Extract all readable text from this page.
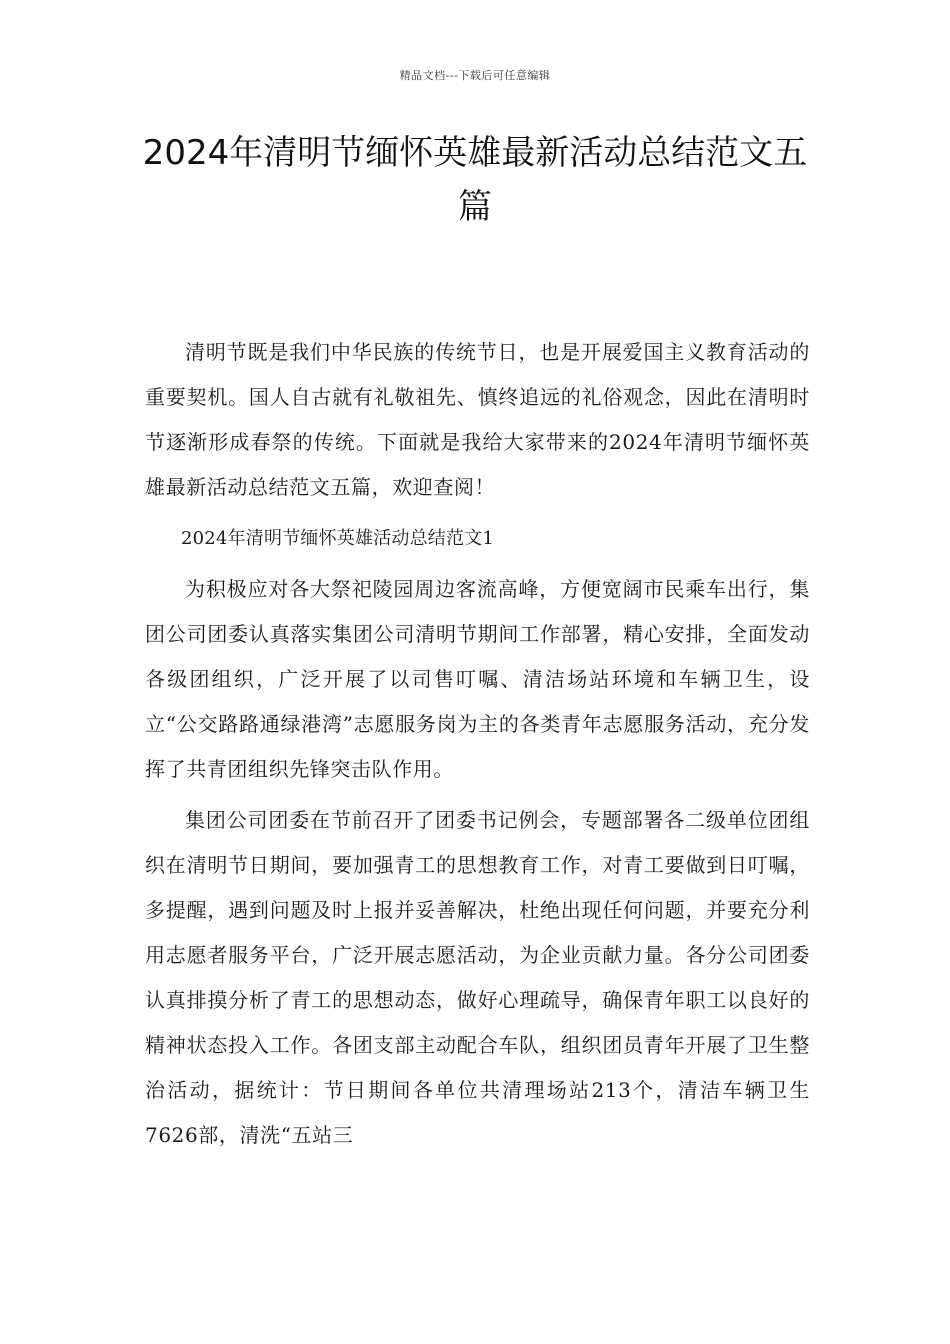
精品文档---下载后可任意编辑
2024年清明节缅怀英雄最新活动总结范文五篇

清明节既是我们中华民族的传统节日，也是开展爱国主义教育活动的重要契机。国人自古就有礼敬祖先、慎终追远的礼俗观念，因此在清明时节逐渐形成春祭的传统。下面就是我给大家带来的2024年清明节缅怀英雄最新活动总结范文五篇，欢迎查阅！

2024年清明节缅怀英雄活动总结范文1

为积极应对各大祭祀陵园周边客流高峰，方便宽阔市民乘车出行，集团公司团委认真落实集团公司清明节期间工作部署，精心安排，全面发动各级团组织，广泛开展了以司售叮嘱、清洁场站环境和车辆卫生，设立“公交路路通绿港湾”志愿服务岗为主的各类青年志愿服务活动，充分发挥了共青团组织先锋突击队作用。

集团公司团委在节前召开了团委书记例会，专题部署各二级单位团组织在清明节日期间，要加强青工的思想教育工作，对青工要做到日叮嘱，多提醒，遇到问题及时上报并妥善解决，杜绝出现任何问题，并要充分利用志愿者服务平台，广泛开展志愿活动，为企业贡献力量。各分公司团委认真排摸分析了青工的思想动态，做好心理疏导，确保青年职工以良好的精神状态投入工作。各团支部主动配合车队，组织团员青年开展了卫生整治活动，据统计：节日期间各单位共清理场站213个，清洁车辆卫生7626部，清洗“五站三
